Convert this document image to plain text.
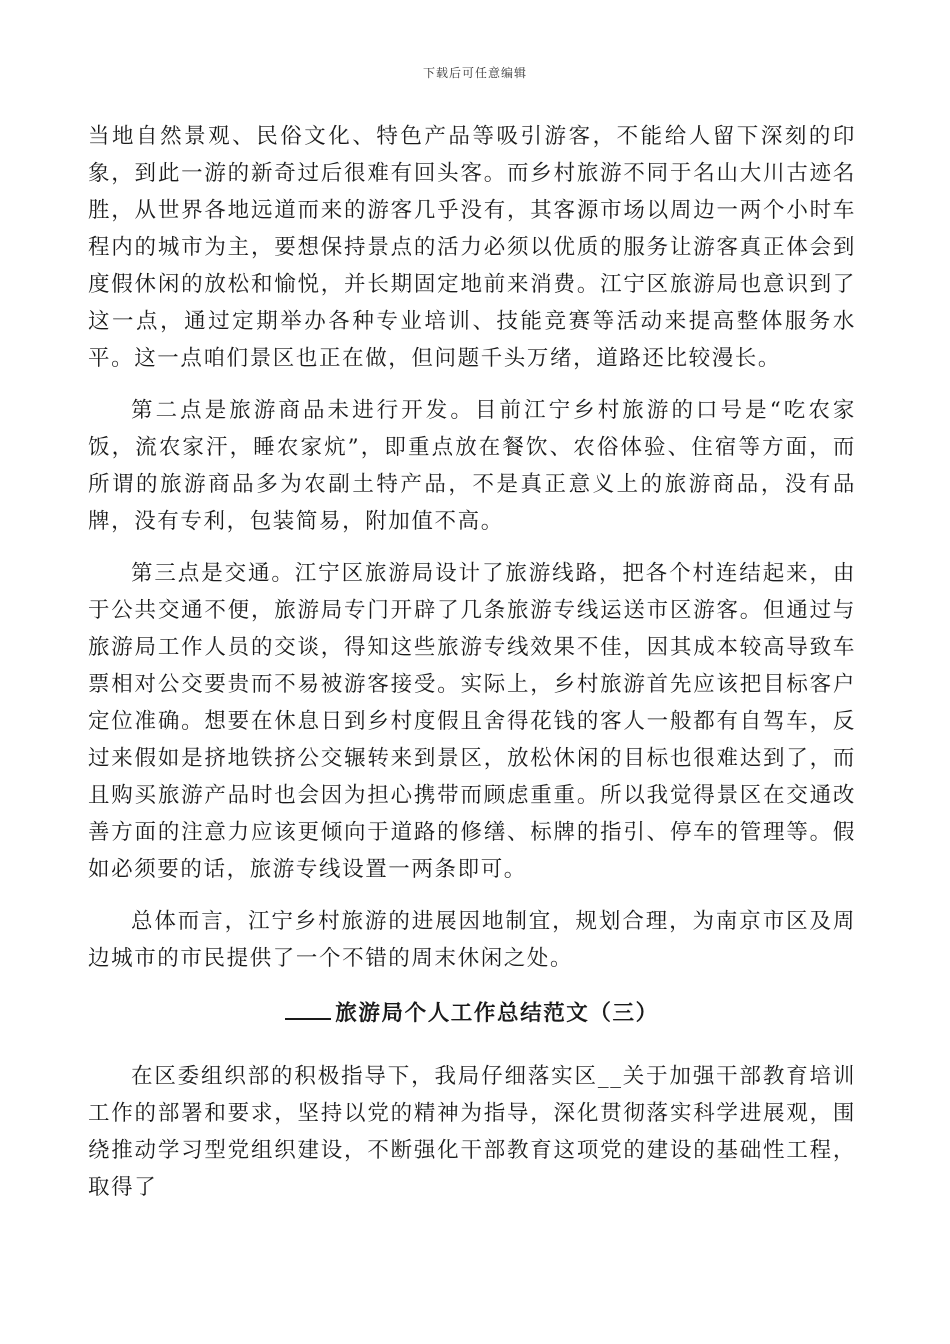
下载后可任意编辑

当地自然景观、民俗文化、特色产品等吸引游客，不能给人留下深刻的印象，到此一游的新奇过后很难有回头客。而乡村旅游不同于名山大川古迹名胜，从世界各地远道而来的游客几乎没有，其客源市场以周边一两个小时车程内的城市为主，要想保持景点的活力必须以优质的服务让游客真正体会到度假休闲的放松和愉悦，并长期固定地前来消费。江宁区旅游局也意识到了这一点，通过定期举办各种专业培训、技能竞赛等活动来提高整体服务水平。这一点咱们景区也正在做，但问题千头万绪，道路还比较漫长。

第二点是旅游商品未进行开发。目前江宁乡村旅游的口号是“吃农家饭，流农家汗，睡农家炕”，即重点放在餐饮、农俗体验、住宿等方面，而所谓的旅游商品多为农副土特产品，不是真正意义上的旅游商品，没有品牌，没有专利，包装简易，附加值不高。

第三点是交通。江宁区旅游局设计了旅游线路，把各个村连结起来，由于公共交通不便，旅游局专门开辟了几条旅游专线运送市区游客。但通过与旅游局工作人员的交谈，得知这些旅游专线效果不佳，因其成本较高导致车票相对公交要贵而不易被游客接受。实际上，乡村旅游首先应该把目标客户定位准确。想要在休息日到乡村度假且舍得花钱的客人一般都有自驾车，反过来假如是挤地铁挤公交辗转来到景区，放松休闲的目标也很难达到了，而且购买旅游产品时也会因为担心携带而顾虑重重。所以我觉得景区在交通改善方面的注意力应该更倾向于道路的修缮、标牌的指引、停车的管理等。假如必须要的话，旅游专线设置一两条即可。

总体而言，江宁乡村旅游的进展因地制宜，规划合理，为南京市区及周边城市的市民提供了一个不错的周末休闲之处。

旅游局个人工作总结范文（三）

在区委组织部的积极指导下，我局仔细落实区__关于加强干部教育培训工作的部署和要求，坚持以党的精神为指导，深化贯彻落实科学进展观，围绕推动学习型党组织建设，不断强化干部教育这项党的建设的基础性工程，取得了
